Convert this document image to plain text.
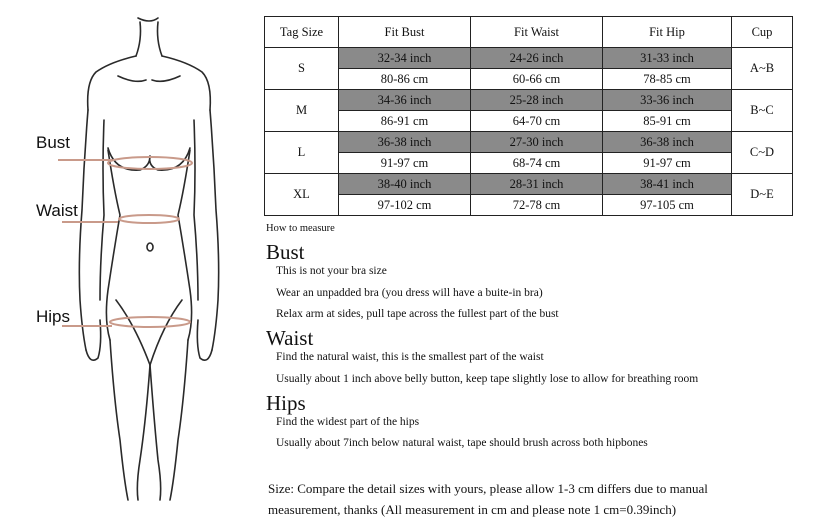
Bust
Waist
Hips
Tag Size	Fit Bust	Fit Waist	Fit Hip	Cup
S	32-34 inch	24-26 inch	31-33 inch	A~B
	80-86 cm	60-66 cm	78-85 cm	
M	34-36 inch	25-28 inch	33-36 inch	B~C
	86-91 cm	64-70 cm	85-91 cm	
L	36-38 inch	27-30 inch	36-38 inch	C~D
	91-97 cm	68-74 cm	91-97 cm	
XL	38-40 inch	28-31 inch	38-41 inch	D~E
	97-102 cm	72-78 cm	97-105 cm	
How to measure
Bust
This is not your bra size
Wear an unpadded bra (you dress will have a buite-in bra)
Relax arm at sides, pull tape across the fullest part of the bust
Waist
Find the natural waist, this is the smallest part of the waist
Usually about 1 inch above belly button, keep tape slightly lose to allow for breathing room
Hips
Find the widest part of the hips
Usually about 7inch below natural waist, tape should brush across both hipbones
Size: Compare the detail sizes with yours, please allow 1-3 cm differs due to manual
measurement, thanks (All measurement in cm and please note 1 cm=0.39inch)
